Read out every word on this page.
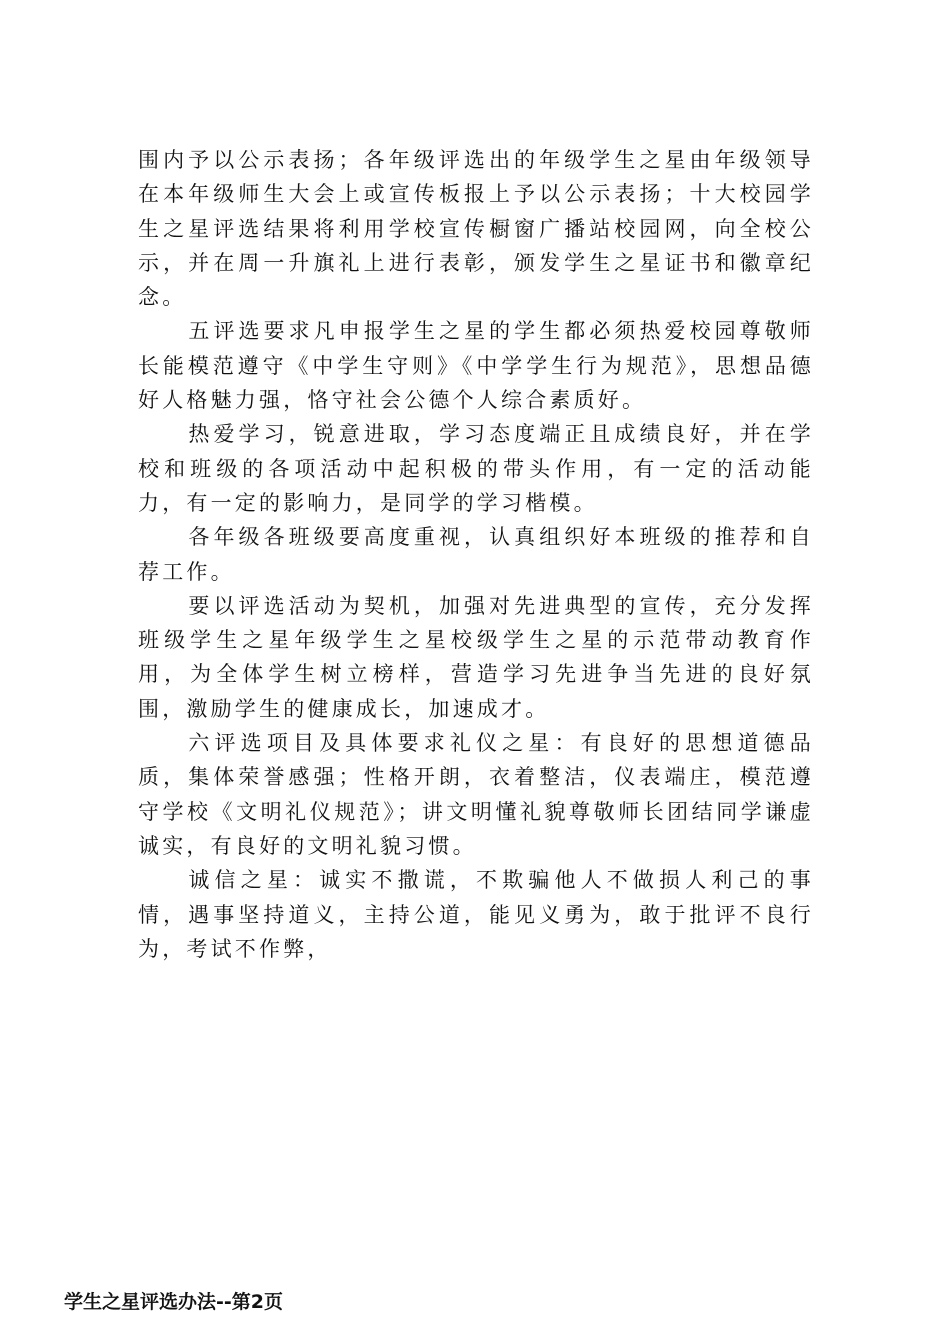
围内予以公示表扬；各年级评选出的年级学生之星由年级领导在本年级师生大会上或宣传板报上予以公示表扬；十大校园学生之星评选结果将利用学校宣传橱窗广播站校园网，向全校公示，并在周一升旗礼上进行表彰，颁发学生之星证书和徽章纪念。

五评选要求凡申报学生之星的学生都必须热爱校园尊敬师长能模范遵守《中学生守则》《中学学生行为规范》，思想品德好人格魅力强，恪守社会公德个人综合素质好。

热爱学习，锐意进取，学习态度端正且成绩良好，并在学校和班级的各项活动中起积极的带头作用，有一定的活动能力，有一定的影响力，是同学的学习楷模。

各年级各班级要高度重视，认真组织好本班级的推荐和自荐工作。

要以评选活动为契机，加强对先进典型的宣传，充分发挥班级学生之星年级学生之星校级学生之星的示范带动教育作用，为全体学生树立榜样，营造学习先进争当先进的良好氛围，激励学生的健康成长，加速成才。

六评选项目及具体要求礼仪之星：有良好的思想道德品质，集体荣誉感强；性格开朗，衣着整洁，仪表端庄，模范遵守学校《文明礼仪规范》；讲文明懂礼貌尊敬师长团结同学谦虚诚实，有良好的文明礼貌习惯。

诚信之星：诚实不撒谎，不欺骗他人不做损人利己的事情，遇事坚持道义，主持公道，能见义勇为，敢于批评不良行为，考试不作弊，

学生之星评选办法--第2页
